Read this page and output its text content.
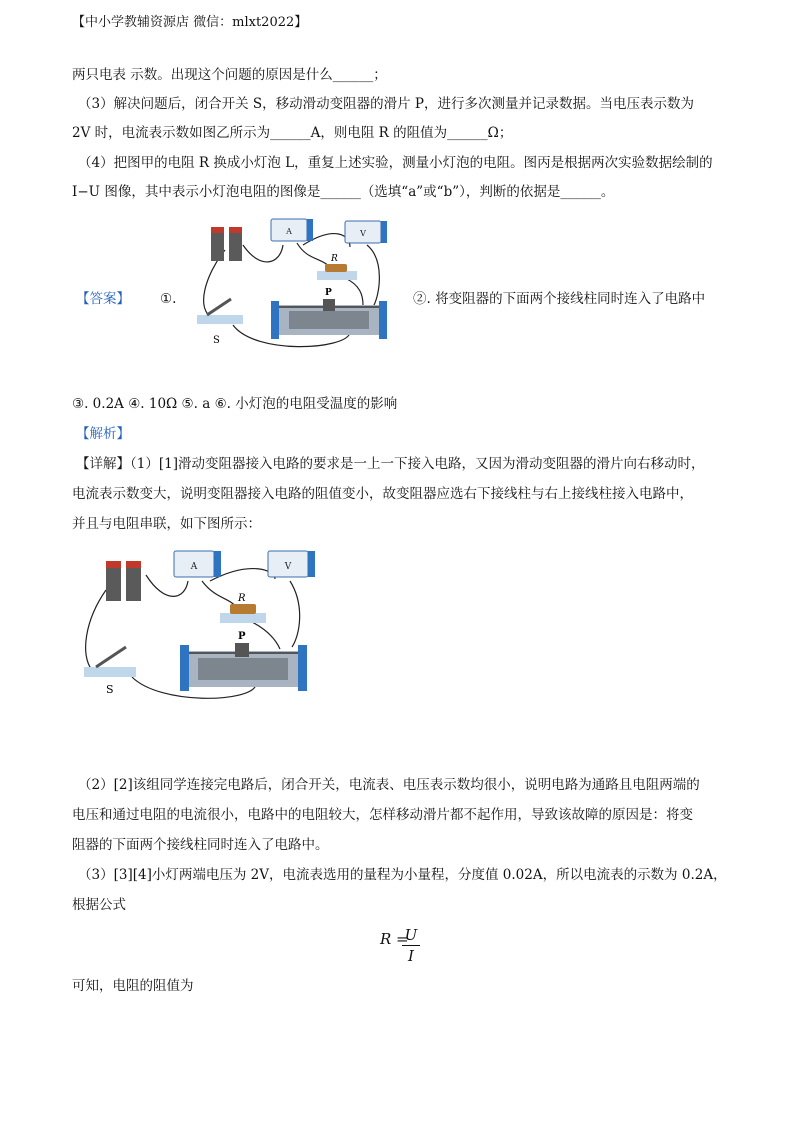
【中小学教辅资源店 微信：mlxt2022】
两只电表 示数。出现这个问题的原因是什么______；
（3）解决问题后，闭合开关 S，移动滑动变阻器的滑片 P，进行多次测量并记录数据。当电压表示数为
2V 时，电流表示数如图乙所示为______A，则电阻 R 的阻值为______Ω；
（4）把图甲的电阻 R 换成小灯泡 L，重复上述实验，测量小灯泡的电阻。图丙是根据两次实验数据绘制的
I−U 图像，其中表示小灯泡电阻的图像是______（选填“a”或“b”），判断的依据是______。
【答案】 ①.	②. 将变阻器的下面两个接线柱同时连入了电路中
A	V
R
S
P
③. 0.2A ④. 10Ω ⑤. a ⑥. 小灯泡的电阻受温度的影响
【解析】
【详解】（1）[1]滑动变阻器接入电路的要求是一上一下接入电路，又因为滑动变阻器的滑片向右移动时，
电流表示数变大，说明变阻器接入电路的阻值变小，故变阻器应选右下接线柱与右上接线柱接入电路中，
并且与电阻串联，如下图所示：
A	V
R
S
P
（2）[2]该组同学连接完电路后，闭合开关，电流表、电压表示数均很小，说明电路为通路且电阻两端的
电压和通过电阻的电流很小，电路中的电阻较大，怎样移动滑片都不起作用，导致该故障的原因是：将变
阻器的下面两个接线柱同时连入了电路中。
（3）[3][4]小灯两端电压为 2V，电流表选用的量程为小量程，分度值 0.02A，所以电流表的示数为 0.2A，
根据公式
R =
U
I
可知，电阻的阻值为
